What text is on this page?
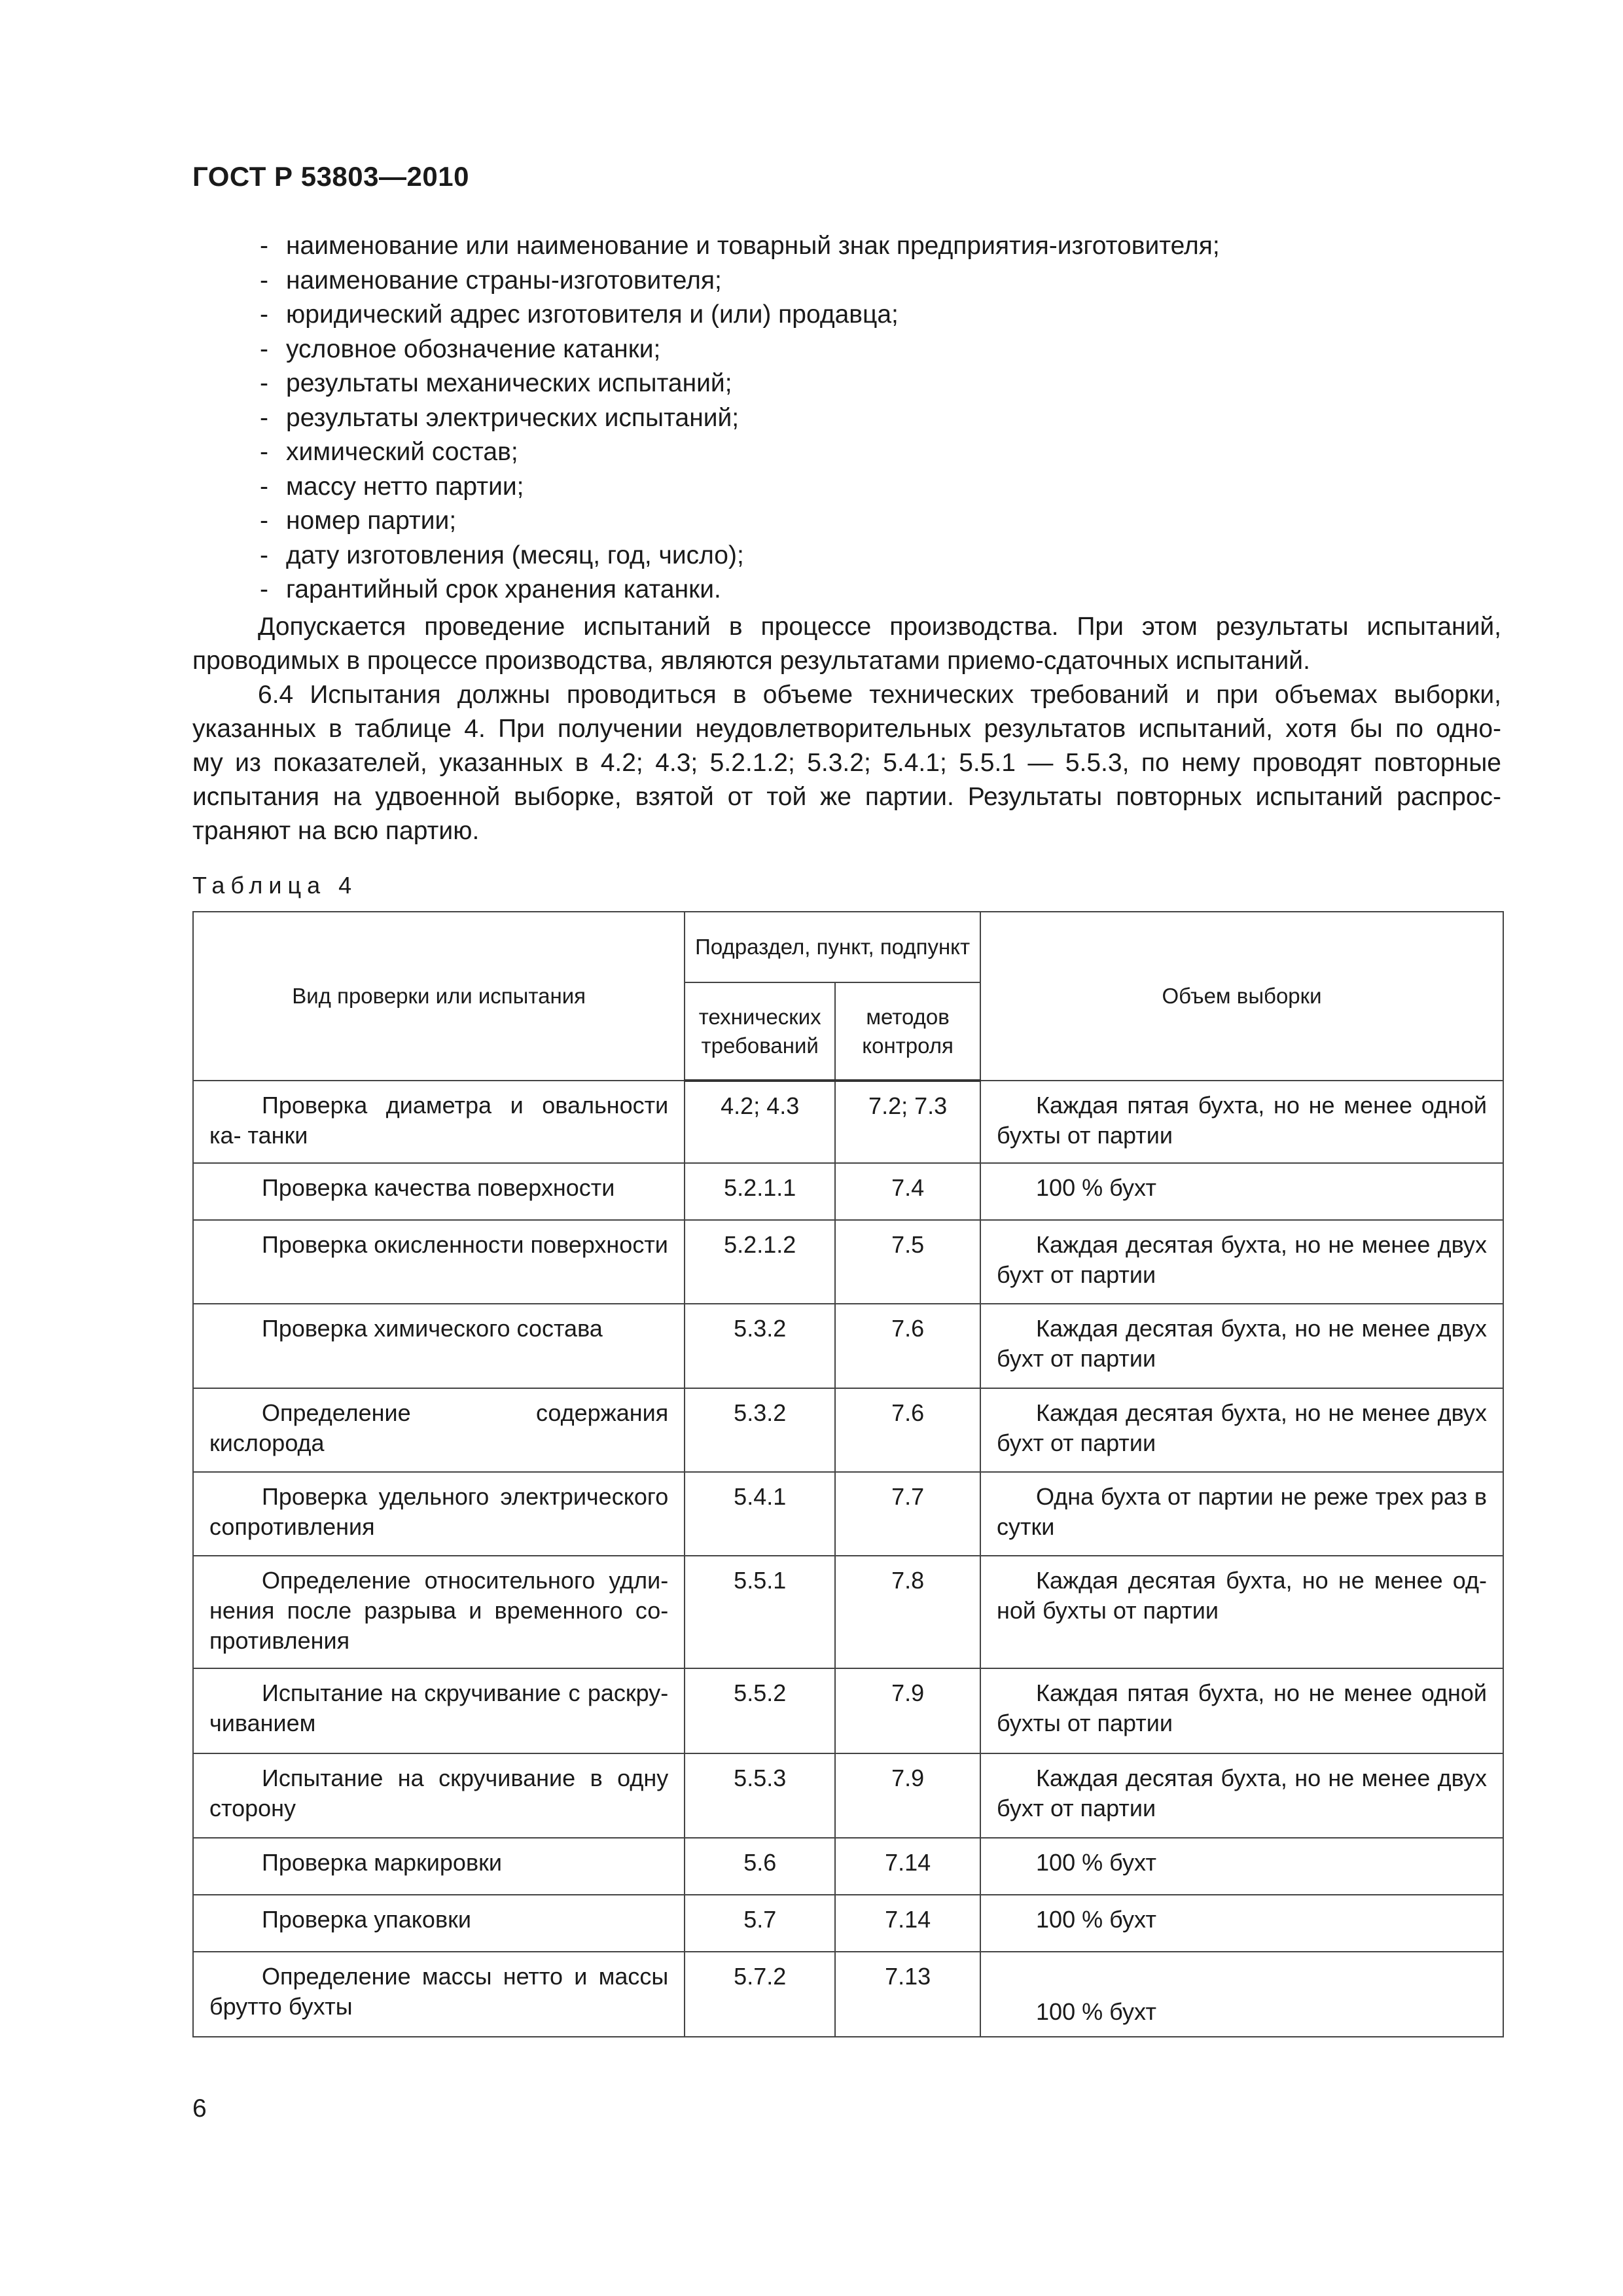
ГОСТ Р 53803—2010
- наименование или наименование и товарный знак предприятия-изготовителя;
- наименование страны-изготовителя;
- юридический адрес изготовителя и (или) продавца;
- условное обозначение катанки;
- результаты механических испытаний;
- результаты электрических испытаний;
- химический состав;
- массу нетто партии;
- номер партии;
- дату изготовления (месяц, год, число);
- гарантийный срок хранения катанки.
Допускается проведение испытаний в процессе производства. При этом результаты испытаний,
проводимых в процессе производства, являются результатами приемо-сдаточных испытаний.
6.4 Испытания должны проводиться в объеме технических требований и при объемах выборки,
указанных в таблице 4. При получении неудовлетворительных результатов испытаний, хотя бы по одно-
му из показателей, указанных в 4.2; 4.3; 5.2.1.2; 5.3.2; 5.4.1; 5.5.1 — 5.5.3, по нему проводят повторные
испытания на удвоенной выборке, взятой от той же партии. Результаты повторных испытаний распрос-
траняют на всю партию.
Таблица 4
Вид проверки или испытания	Подраздел, пункт, подпункт		Объем выборки
	технических требований	методов контроля	
Проверка диаметра и овальности ка- танки	4.2; 4.3	7.2; 7.3	Каждая пятая бухта, но не менее одной бухты от партии
Проверка качества поверхности	5.2.1.1	7.4	100 % бухт
Проверка окисленности поверхности	5.2.1.2	7.5	Каждая десятая бухта, но не менее двух бухт от партии
Проверка химического состава	5.3.2	7.6	Каждая десятая бухта, но не менее двух бухт от партии
Определение содержания кислорода	5.3.2	7.6	Каждая десятая бухта, но не менее двух бухт от партии
Проверка удельного электрического сопротивления	5.4.1	7.7	Одна бухта от партии не реже трех раз в сутки
Определение относительного удли- нения после разрыва и временного со- противления	5.5.1	7.8	Каждая десятая бухта, но не менее од- ной бухты от партии
Испытание на скручивание с раскру- чиванием	5.5.2	7.9	Каждая пятая бухта, но не менее одной бухты от партии
Испытание на скручивание в одну сторону	5.5.3	7.9	Каждая десятая бухта, но не менее двух бухт от партии
Проверка маркировки	5.6	7.14	100 % бухт
Проверка упаковки	5.7	7.14	100 % бухт
Определение массы нетто и массы брутто бухты	5.7.2	7.13	100 % бухт
6
